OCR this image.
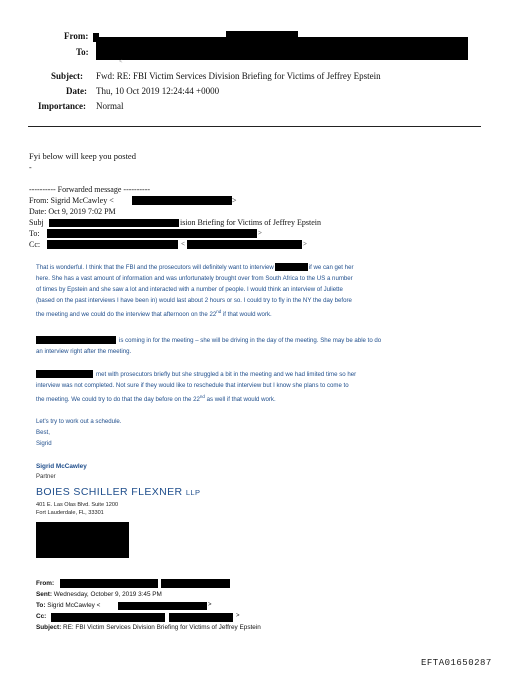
From:
To:
<
Subject: Fwd: RE: FBI Victim Services Division Briefing for Victims of Jeffrey Epstein
Date: Thu, 10 Oct 2019 12:24:44 +0000
Importance: Normal
Fyi below will keep you posted
-
---------- Forwarded message ----------
From: Sigrid McCawley <	>
Date: Oct 9, 2019 7:02 PM
Subj	ision Briefing for Victims of Jeffrey Epstein
To:	>
Cc:	<	>
That is wonderful. I think that the FBI and the prosecutors will definitely want to interview	if we can get her
here. She has a vast amount of information and was unfortunately brought over from South Africa to the US a number
of times by Epstein and she saw a lot and interacted with a number of people. I would think an interview of Juliette
(based on the past interviews I have been in) would last about 2 hours or so. I could try to fly in the NY the day before
the meeting and we could do the interview that afternoon on the 22nd if that would work.
is coming in for the meeting – she will be driving in the day of the meeting. She may be able to do
an interview right after the meeting.
met with prosecutors briefly but she struggled a bit in the meeting and we had limited time so her
interview was not completed. Not sure if they would like to reschedule that interview but I know she plans to come to
the meeting. We could try to do that the day before on the 22nd as well if that would work.
Let's try to work out a schedule.
Best,
Sigrid
Sigrid McCawley
Partner
BOIES SCHILLER FLEXNER LLP
401 E. Las Olas Blvd. Suite 1200
Fort Lauderdale, FL, 33301
From:
Sent: Wednesday, October 9, 2019 3:45 PM
To: Sigrid McCawley <	>
Cc:	>
Subject: RE: FBI Victim Services Division Briefing for Victims of Jeffrey Epstein
EFTA01650287
